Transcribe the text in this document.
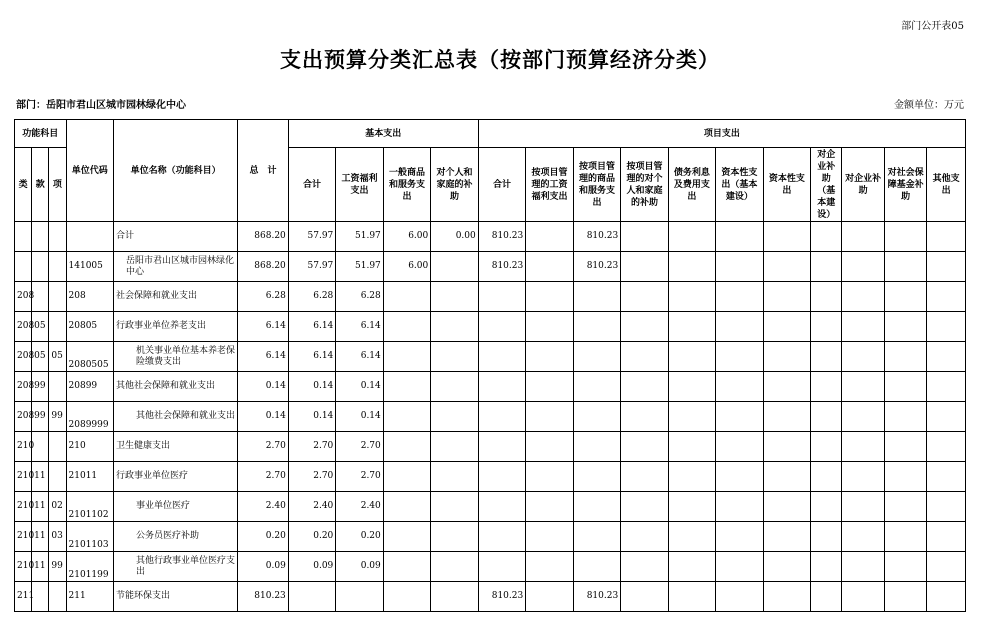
部门公开表05
支出预算分类汇总表（按部门预算经济分类）
部门：岳阳市君山区城市园林绿化中心	金额单位：万元
功能科目			单位代码	单位名称（功能科目）	总　计	基本支出				项目支出										
类	款	项				合计	工资福利支出	一般商品和服务支出	对个人和家庭的补助	合计	按项目管理的工资福利支出	按项目管理的商品和服务支出	按项目管理的对个人和家庭的补助	债务利息及费用支出	资本性支出（基本建设）	资本性支出	对企业补助（基本建设）	对企业补助	对社会保障基金补助	其他支出
				合计	868.20	57.97	51.97	6.00	0.00	810.23		810.23								
			141005	岳阳市君山区城市园林绿化中心	868.20	57.97	51.97	6.00		810.23		810.23								
208			208	社会保障和就业支出	6.28	6.28	6.28													
208	05		20805	行政事业单位养老支出	6.14	6.14	6.14													
208	05	05	2080505	机关事业单位基本养老保险缴费支出	6.14	6.14	6.14													
208	99		20899	其他社会保障和就业支出	0.14	0.14	0.14													
208	99	99	2089999	其他社会保障和就业支出	0.14	0.14	0.14													
210			210	卫生健康支出	2.70	2.70	2.70													
210	11		21011	行政事业单位医疗	2.70	2.70	2.70													
210	11	02	2101102	事业单位医疗	2.40	2.40	2.40													
210	11	03	2101103	公务员医疗补助	0.20	0.20	0.20													
210	11	99	2101199	其他行政事业单位医疗支出	0.09	0.09	0.09													
211			211	节能环保支出	810.23					810.23		810.23								
